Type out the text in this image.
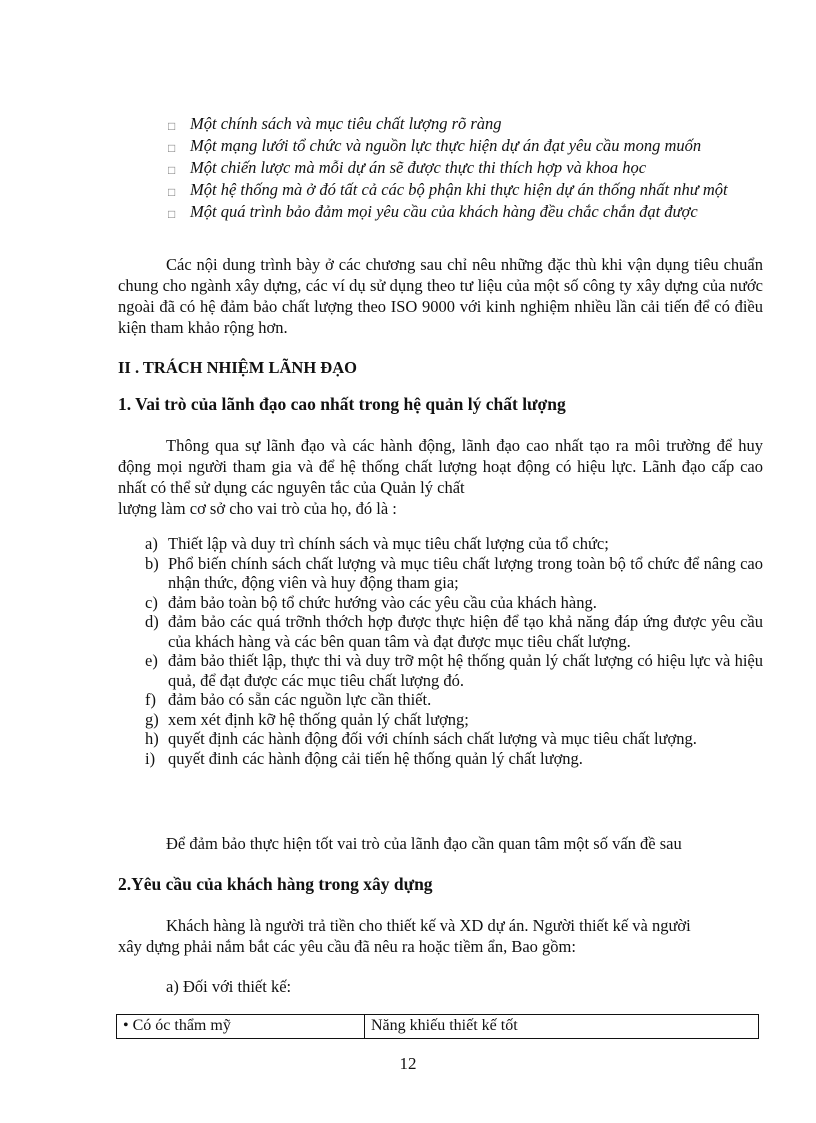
□ Một chính sách và mục tiêu chất lượng rõ ràng
□ Một mạng lưới tổ chức và nguồn lực thực hiện dự án đạt yêu cầu mong muốn
□ Một chiến lược mà mỗi dự án sẽ được thực thi thích hợp và khoa học
□ Một hệ thống mà ở đó tất cả các bộ phận khi thực hiện dự án thống nhất như một
□ Một quá trình bảo đảm mọi yêu cầu của khách hàng đều chắc chắn đạt được
Các nội dung trình bày ở các chương sau chỉ nêu những đặc thù khi vận dụng tiêu chuẩn chung cho ngành xây dựng, các ví dụ sử dụng theo tư liệu của một số công ty xây dựng của nước ngoài đã có hệ đảm bảo chất lượng theo ISO 9000 với kinh nghiệm nhiều lần cải tiến để có điều kiện tham khảo rộng hơn.
II . TRÁCH NHIỆM LÃNH ĐẠO
1. Vai trò của lãnh đạo cao nhất trong hệ quản lý chất lượng
Thông qua sự lãnh đạo và các hành động, lãnh đạo cao nhất tạo ra môi trường để huy động mọi người tham gia và để hệ thống chất lượng hoạt động có hiệu lực. Lãnh đạo cấp cao nhất có thể sử dụng các nguyên tắc của Quản lý chất
lượng làm cơ sở cho vai trò của họ, đó là :
a) Thiết lập và duy trì chính sách và mục tiêu chất lượng của tổ chức;
b) Phổ biến chính sách chất lượng và mục tiêu chất lượng trong toàn bộ tổ chức để nâng cao nhận thức, động viên và huy động tham gia;
c) đảm bảo toàn bộ tổ chức hướng vào các yêu cầu của khách hàng.
d) đảm bảo các quá trỡnh thớch hợp được thực hiện để tạo khả năng đáp ứng được yêu cầu của khách hàng và các bên quan tâm và đạt được mục tiêu chất lượng.
e) đảm bảo thiết lập, thực thi và duy trỡ một hệ thống quản lý chất lượng có hiệu lực và hiệu quả, để đạt được các mục tiêu chất lượng đó.
f) đảm bảo có sẵn các nguồn lực cần thiết.
g) xem xét định kỡ hệ thống quản lý chất lượng;
h) quyết định các hành động đối với chính sách chất lượng và mục tiêu chất lượng.
i) quyết đinh các hành động cải tiến hệ thống quản lý chất lượng.
Để đảm bảo thực hiện tốt vai trò của lãnh đạo cần quan tâm một số vấn đề sau
2.Yêu cầu của khách hàng trong xây dựng
Khách hàng là người trả tiền cho thiết kế và XD dự án. Người thiết kế và người
xây dựng phải nắm bắt các yêu cầu đã nêu ra hoặc tiềm ẩn, Bao gồm:
a) Đối với thiết kế:
• Có óc thẩm mỹ	Năng khiếu thiết kế tốt
12
